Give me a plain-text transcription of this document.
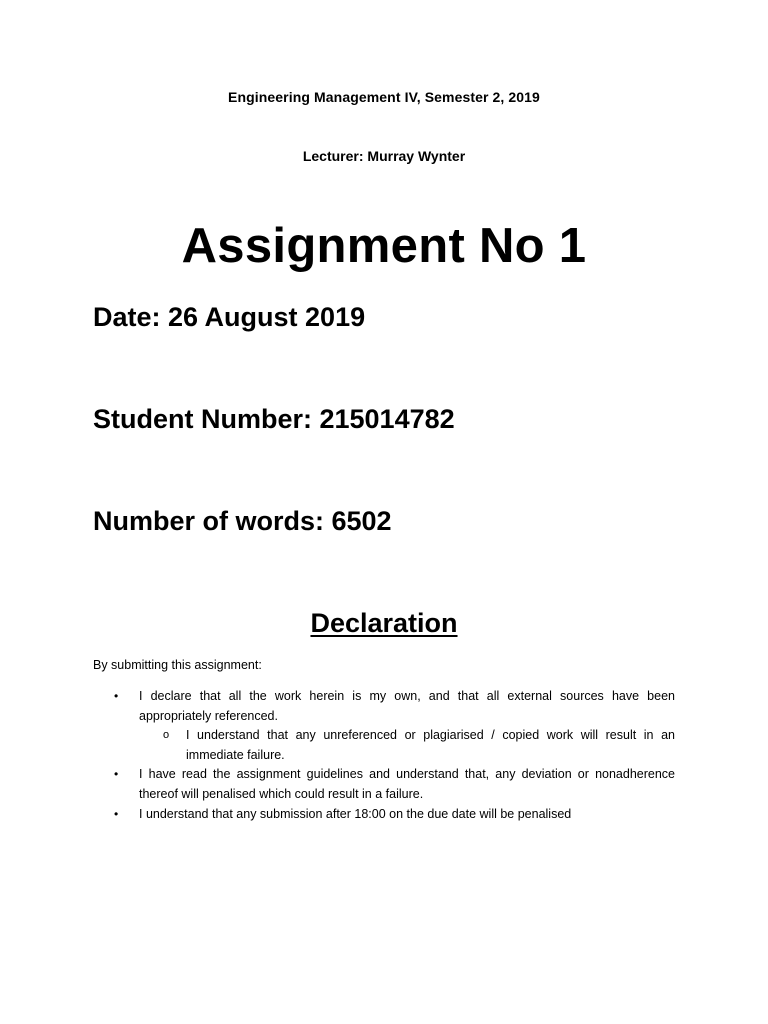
Engineering Management IV, Semester 2, 2019
Lecturer: Murray Wynter
Assignment No 1
Date: 26 August 2019
Student Number: 215014782
Number of words: 6502
Declaration
By submitting this assignment:
• I declare that all the work herein is my own, and that all external sources have been appropriately referenced.
o I understand that any unreferenced or plagiarised / copied work will result in an immediate failure.
• I have read the assignment guidelines and understand that, any deviation or nonadherence thereof will penalised which could result in a failure.
• I understand that any submission after 18:00 on the due date will be penalised
